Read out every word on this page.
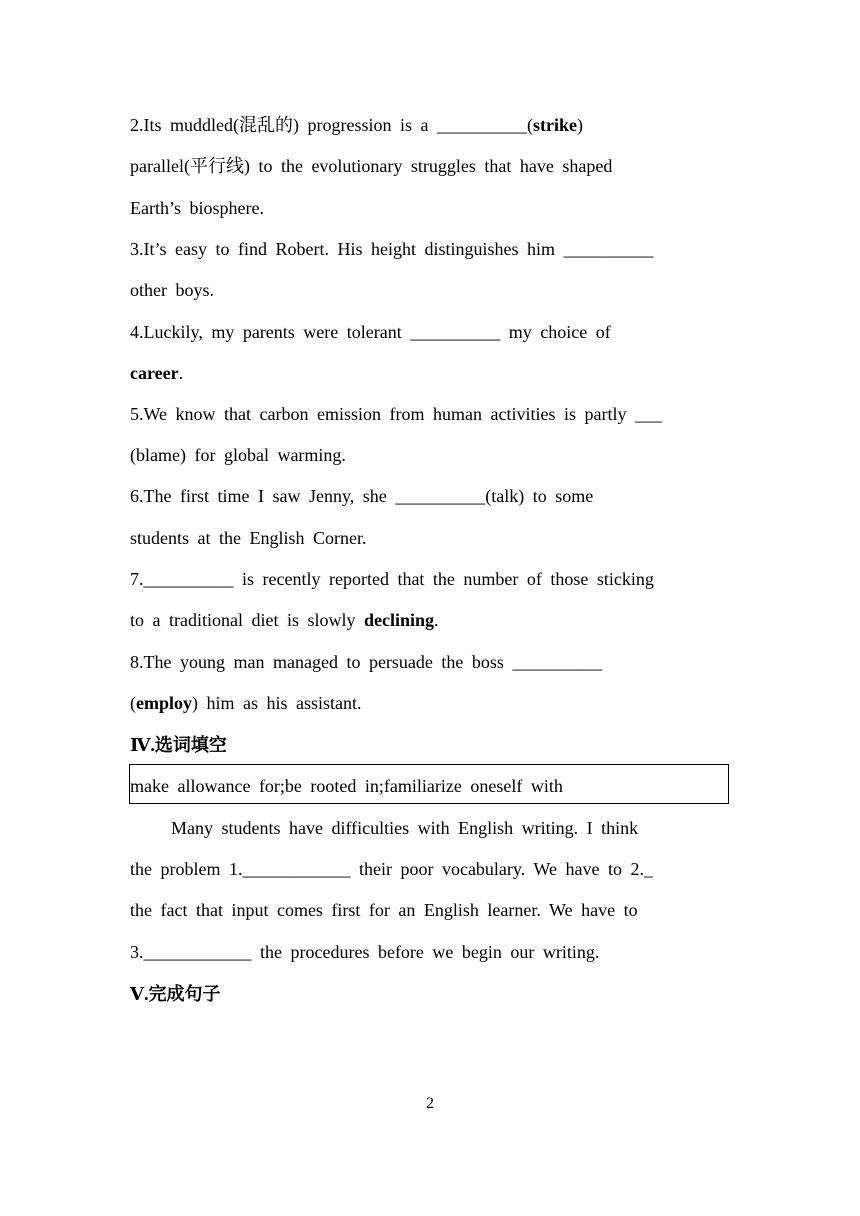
2.Its muddled(混乱的) progression is a __________(strike)
parallel(平行线) to the evolutionary struggles that have shaped
Earth’s biosphere.
3.It’s easy to find Robert. His height distinguishes him __________
other boys.
4.Luckily, my parents were tolerant __________ my choice of
career.
5.We know that carbon emission from human activities is partly ___
(blame) for global warming.
6.The first time I saw Jenny, she __________(talk) to some
students at the English Corner.
7.__________ is recently reported that the number of those sticking
to a traditional diet is slowly declining.
8.The young man managed to persuade the boss __________
(employ) him as his assistant.
Ⅳ.选词填空
make allowance for;be rooted in;familiarize oneself with
Many students have difficulties with English writing. I think
the problem 1.____________ their poor vocabulary. We have to 2._
the fact that input comes first for an English learner. We have to
3.____________ the procedures before we begin our writing.
Ⅴ.完成句子
2
